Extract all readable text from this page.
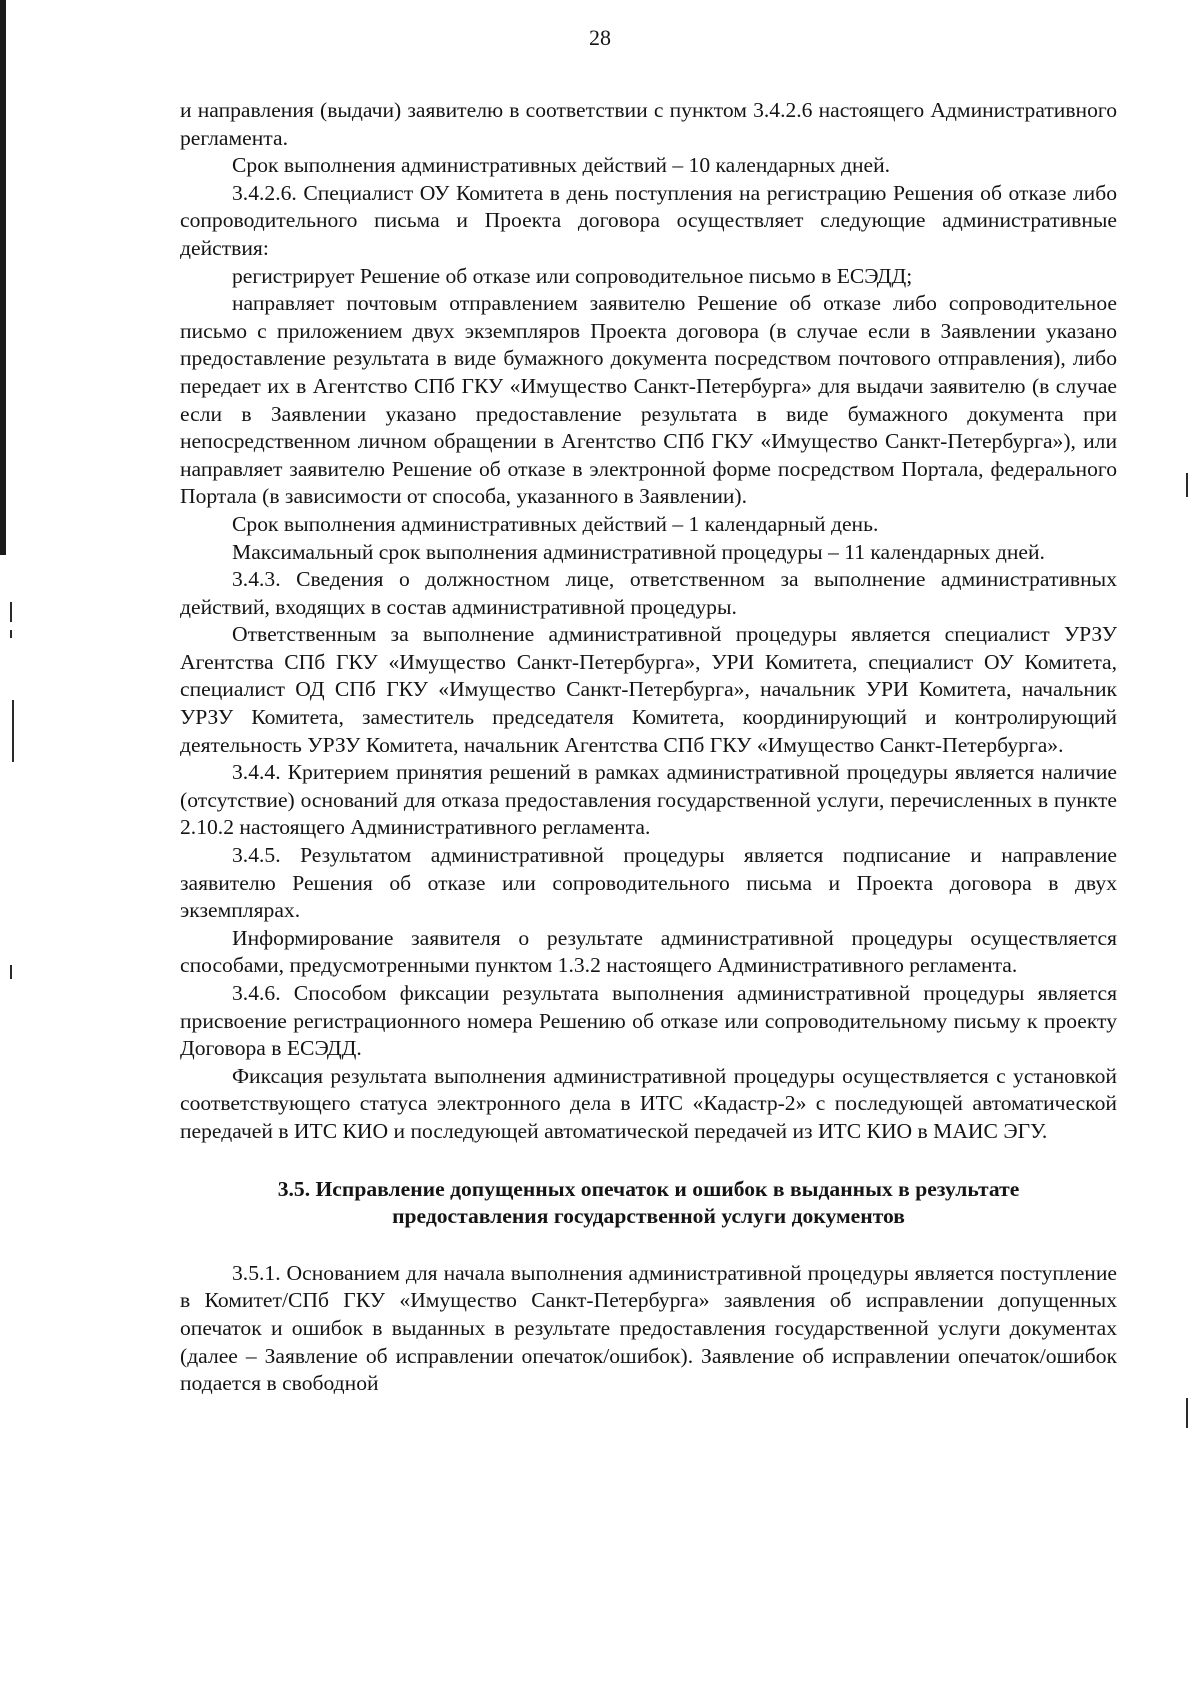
28

и направления (выдачи) заявителю в соответствии с пунктом 3.4.2.6 настоящего Административного регламента.

Срок выполнения административных действий – 10 календарных дней.

3.4.2.6. Специалист ОУ Комитета в день поступления на регистрацию Решения об отказе либо сопроводительного письма и Проекта договора осуществляет следующие административные действия:

регистрирует Решение об отказе или сопроводительное письмо в ЕСЭДД;

направляет почтовым отправлением заявителю Решение об отказе либо сопроводительное письмо с приложением двух экземпляров Проекта договора (в случае если в Заявлении указано предоставление результата в виде бумажного документа посредством почтового отправления), либо передает их в Агентство СПб ГКУ «Имущество Санкт-Петербурга» для выдачи заявителю (в случае если в Заявлении указано предоставление результата в виде бумажного документа при непосредственном личном обращении в Агентство СПб ГКУ «Имущество Санкт-Петербурга»), или направляет заявителю Решение об отказе в электронной форме посредством Портала, федерального Портала (в зависимости от способа, указанного в Заявлении).

Срок выполнения административных действий – 1 календарный день.

Максимальный срок выполнения административной процедуры – 11 календарных дней.

3.4.3. Сведения о должностном лице, ответственном за выполнение административных действий, входящих в состав административной процедуры.

Ответственным за выполнение административной процедуры является специалист УРЗУ Агентства СПб ГКУ «Имущество Санкт-Петербурга», УРИ Комитета, специалист ОУ Комитета, специалист ОД СПб ГКУ «Имущество Санкт-Петербурга», начальник УРИ Комитета, начальник УРЗУ Комитета, заместитель председателя Комитета, координирующий и контролирующий деятельность УРЗУ Комитета, начальник Агентства СПб ГКУ «Имущество Санкт-Петербурга».

3.4.4. Критерием принятия решений в рамках административной процедуры является наличие (отсутствие) оснований для отказа предоставления государственной услуги, перечисленных в пункте 2.10.2 настоящего Административного регламента.

3.4.5. Результатом административной процедуры является подписание и направление заявителю Решения об отказе или сопроводительного письма и Проекта договора в двух экземплярах.

Информирование заявителя о результате административной процедуры осуществляется способами, предусмотренными пунктом 1.3.2 настоящего Административного регламента.

3.4.6. Способом фиксации результата выполнения административной процедуры является присвоение регистрационного номера Решению об отказе или сопроводительному письму к проекту Договора в ЕСЭДД.

Фиксация результата выполнения административной процедуры осуществляется с установкой соответствующего статуса электронного дела в ИТС «Кадастр-2» с последующей автоматической передачей в ИТС КИО и последующей автоматической передачей из ИТС КИО в МАИС ЭГУ.

3.5. Исправление допущенных опечаток и ошибок в выданных в результате
предоставления государственной услуги документов

3.5.1. Основанием для начала выполнения административной процедуры является поступление в Комитет/СПб ГКУ «Имущество Санкт-Петербурга» заявления об исправлении допущенных опечаток и ошибок в выданных в результате предоставления государственной услуги документах (далее – Заявление об исправлении опечаток/ошибок). Заявление об исправлении опечаток/ошибок подается в свободной
